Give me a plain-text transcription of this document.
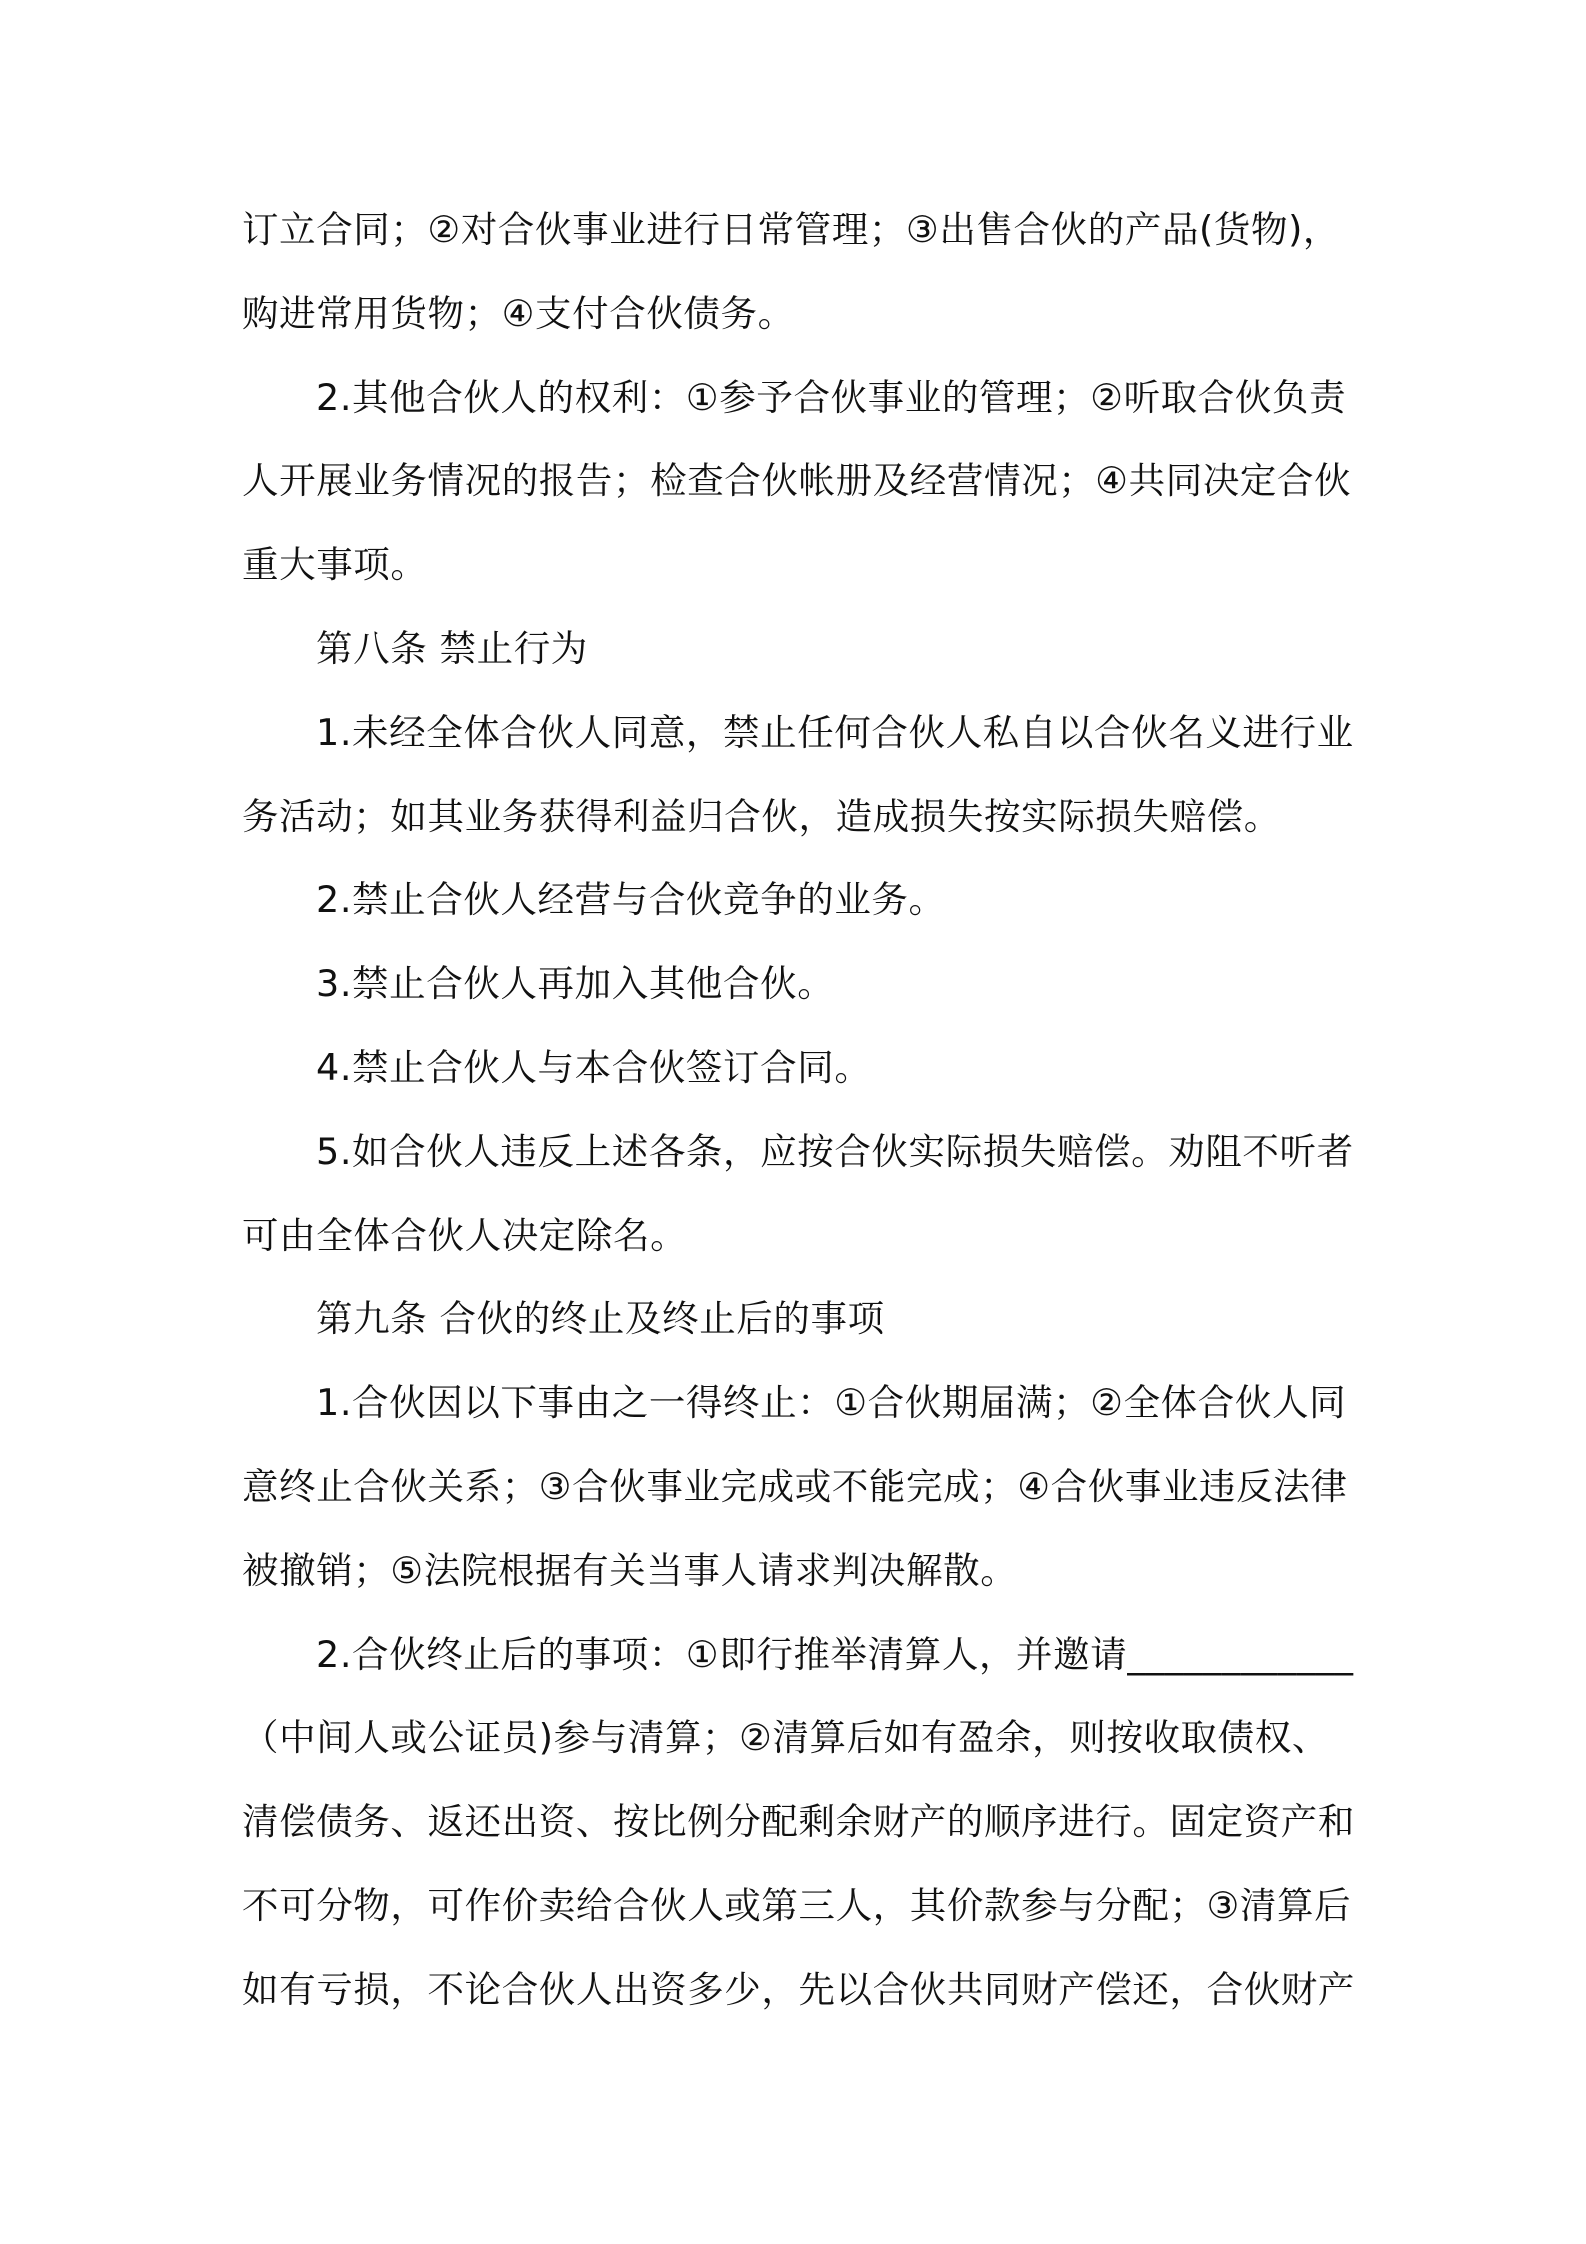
订立合同；②对合伙事业进行日常管理；③出售合伙的产品(货物)，
购进常用货物；④支付合伙债务。
2.其他合伙人的权利：①参予合伙事业的管理；②听取合伙负责
人开展业务情况的报告；检查合伙帐册及经营情况；④共同决定合伙
重大事项。
第八条 禁止行为
1.未经全体合伙人同意，禁止任何合伙人私自以合伙名义进行业
务活动；如其业务获得利益归合伙，造成损失按实际损失赔偿。
2.禁止合伙人经营与合伙竞争的业务。
3.禁止合伙人再加入其他合伙。
4.禁止合伙人与本合伙签订合同。
5.如合伙人违反上述各条，应按合伙实际损失赔偿。劝阻不听者
可由全体合伙人决定除名。
第九条 合伙的终止及终止后的事项
1.合伙因以下事由之一得终止：①合伙期届满；②全体合伙人同
意终止合伙关系；③合伙事业完成或不能完成；④合伙事业违反法律
被撤销；⑤法院根据有关当事人请求判决解散。
2.合伙终止后的事项：①即行推举清算人，并邀请____________
（中间人或公证员)参与清算；②清算后如有盈余，则按收取债权、
清偿债务、返还出资、按比例分配剩余财产的顺序进行。固定资产和
不可分物，可作价卖给合伙人或第三人，其价款参与分配；③清算后
如有亏损，不论合伙人出资多少，先以合伙共同财产偿还，合伙财产
